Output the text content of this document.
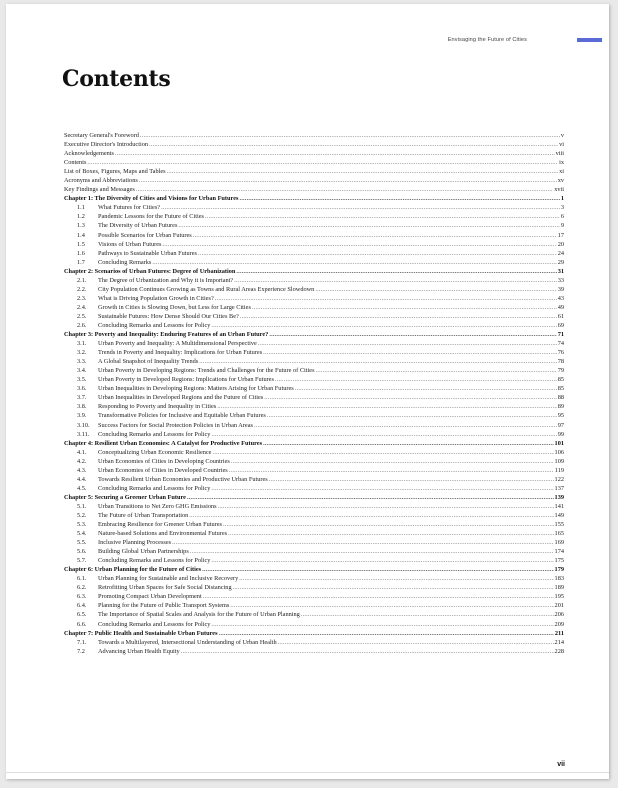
Envisaging the Future of Cities
Contents
Secretary General's Foreword .....	v
Executive Director's Introduction .....	vi
Acknowledgements .....	viii
Contents .....	ix
List of Boxes, Figures, Maps and Tables .....	xi
Acronyms and Abbreviations .....	xv
Key Findings and Messages .....	xvii
Chapter 1: The Diversity of Cities and Visions for Urban Futures .....	1
1.1	What Futures for Cities? .....	3
1.2	Pandemic Lessons for the Future of Cities .....	6
1.3	The Diversity of Urban Futures .....	9
1.4	Possible Scenarios for Urban Futures .....	17
1.5	Visions of Urban Futures .....	20
1.6	Pathways to Sustainable Urban Futures .....	24
1.7	Concluding Remarks .....	29
Chapter 2: Scenarios of Urban Futures: Degree of Urbanization .....	31
2.1.	The Degree of Urbanization and Why it is Important? .....	33
2.2.	City Population Continues Growing as Towns and Rural Areas Experience Slowdown .....	39
2.3.	What is Driving Population Growth in Cities? .....	43
2.4.	Growth in Cities is Slowing Down, but Less for Large Cities .....	49
2.5.	Sustainable Futures: How Dense Should Our Cities Be? .....	61
2.6.	Concluding Remarks and Lessons for Policy .....	69
Chapter 3: Poverty and Inequality: Enduring Features of an Urban Future? .....	71
3.1.	Urban Poverty and Inequality: A Multidimensional Perspective .....	74
3.2.	Trends in Poverty and Inequality: Implications for Urban Futures .....	76
3.3.	A Global Snapshot of Inequality Trends .....	78
3.4.	Urban Poverty in Developing Regions: Trends and Challenges for the Future of Cities .....	79
3.5.	Urban Poverty in Developed Regions: Implications for Urban Futures .....	85
3.6.	Urban Inequalities in Developing Regions: Matters Arising for Urban Futures .....	85
3.7.	Urban Inequalities in Developed Regions and the Future of Cities .....	88
3.8.	Responding to Poverty and Inequality in Cities .....	89
3.9.	Transformative Policies for Inclusive and Equitable Urban Futures .....	95
3.10.	Success Factors for Social Protection Policies in Urban Areas .....	97
3.11.	Concluding Remarks and Lessons for Policy .....	99
Chapter 4: Resilient Urban Economies: A Catalyst for Productive Futures .....	101
4.1.	Conceptualizing Urban Economic Resilience .....	106
4.2.	Urban Economies of Cities in Developing Countries .....	109
4.3.	Urban Economies of Cities in Developed Countries .....	119
4.4.	Towards Resilient Urban Economies and Productive Urban Futures .....	122
4.5.	Concluding Remarks and Lessons for Policy .....	137
Chapter 5: Securing a Greener Urban Future .....	139
5.1.	Urban Transitions to Net Zero GHG Emissions .....	141
5.2.	The Future of Urban Transportation .....	149
5.3.	Embracing Resilience for Greener Urban Futures .....	155
5.4.	Nature-based Solutions and Environmental Futures .....	165
5.5.	Inclusive Planning Processes .....	169
5.6.	Building Global Urban Partnerships .....	174
5.7.	Concluding Remarks and Lessons for Policy .....	175
Chapter 6: Urban Planning for the Future of Cities .....	179
6.1.	Urban Planning for Sustainable and Inclusive Recovery .....	183
6.2.	Retrofitting Urban Spaces for Safe Social Distancing .....	189
6.3.	Promoting Compact Urban Development .....	195
6.4.	Planning for the Future of Public Transport Systems .....	201
6.5.	The Importance of Spatial Scales and Analysis for the Future of Urban Planning .....	206
6.6.	Concluding Remarks and Lessons for Policy .....	209
Chapter 7: Public Health and Sustainable Urban Futures .....	211
7.1.	Towards a Multilayered, Intersectional Understanding of Urban Health .....	214
7.2	Advancing Urban Health Equity .....	228
vii
